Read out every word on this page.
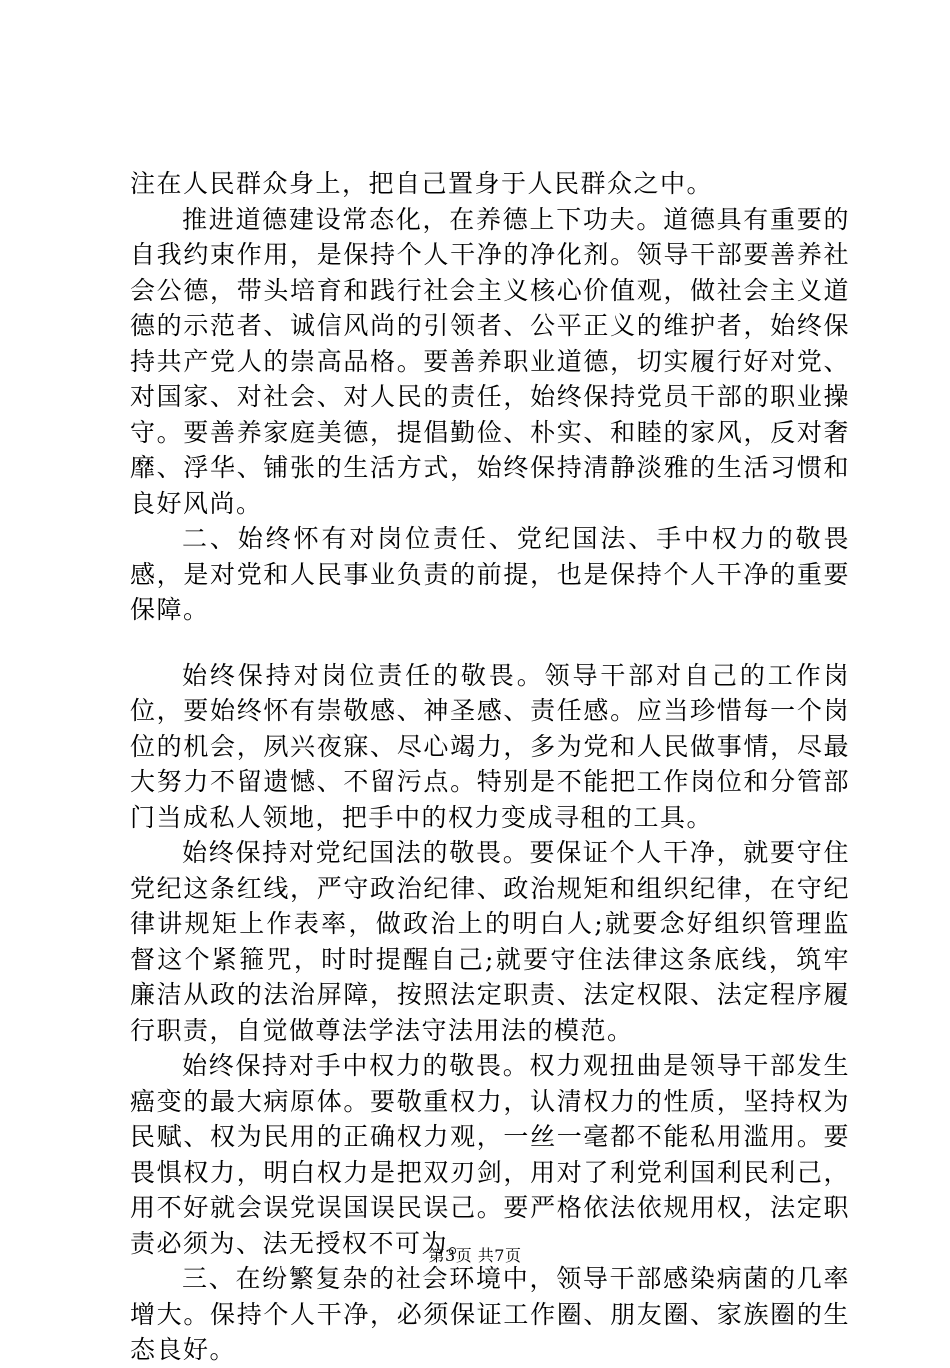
注在人民群众身上，把自己置身于人民群众之中。

推进道德建设常态化，在养德上下功夫。道德具有重要的自我约束作用，是保持个人干净的净化剂。领导干部要善养社会公德，带头培育和践行社会主义核心价值观，做社会主义道德的示范者、诚信风尚的引领者、公平正义的维护者，始终保持共产党人的崇高品格。要善养职业道德，切实履行好对党、对国家、对社会、对人民的责任，始终保持党员干部的职业操守。要善养家庭美德，提倡勤俭、朴实、和睦的家风，反对奢靡、浮华、铺张的生活方式，始终保持清静淡雅的生活习惯和良好风尚。

二、始终怀有对岗位责任、党纪国法、手中权力的敬畏感，是对党和人民事业负责的前提，也是保持个人干净的重要保障。

始终保持对岗位责任的敬畏。领导干部对自己的工作岗位，要始终怀有崇敬感、神圣感、责任感。应当珍惜每一个岗位的机会，夙兴夜寐、尽心竭力，多为党和人民做事情，尽最大努力不留遗憾、不留污点。特别是不能把工作岗位和分管部门当成私人领地，把手中的权力变成寻租的工具。

始终保持对党纪国法的敬畏。要保证个人干净，就要守住党纪这条红线，严守政治纪律、政治规矩和组织纪律，在守纪律讲规矩上作表率，做政治上的明白人;就要念好组织管理监督这个紧箍咒，时时提醒自己;就要守住法律这条底线，筑牢廉洁从政的法治屏障，按照法定职责、法定权限、法定程序履行职责，自觉做尊法学法守法用法的模范。

始终保持对手中权力的敬畏。权力观扭曲是领导干部发生癌变的最大病原体。要敬重权力，认清权力的性质，坚持权为民赋、权为民用的正确权力观，一丝一毫都不能私用滥用。要畏惧权力，明白权力是把双刃剑，用对了利党利国利民利己，用不好就会误党误国误民误己。要严格依法依规用权，法定职责必须为、法无授权不可为。

三、在纷繁复杂的社会环境中，领导干部感染病菌的几率增大。保持个人干净，必须保证工作圈、朋友圈、家族圈的生态良好。

第3页 共7页
